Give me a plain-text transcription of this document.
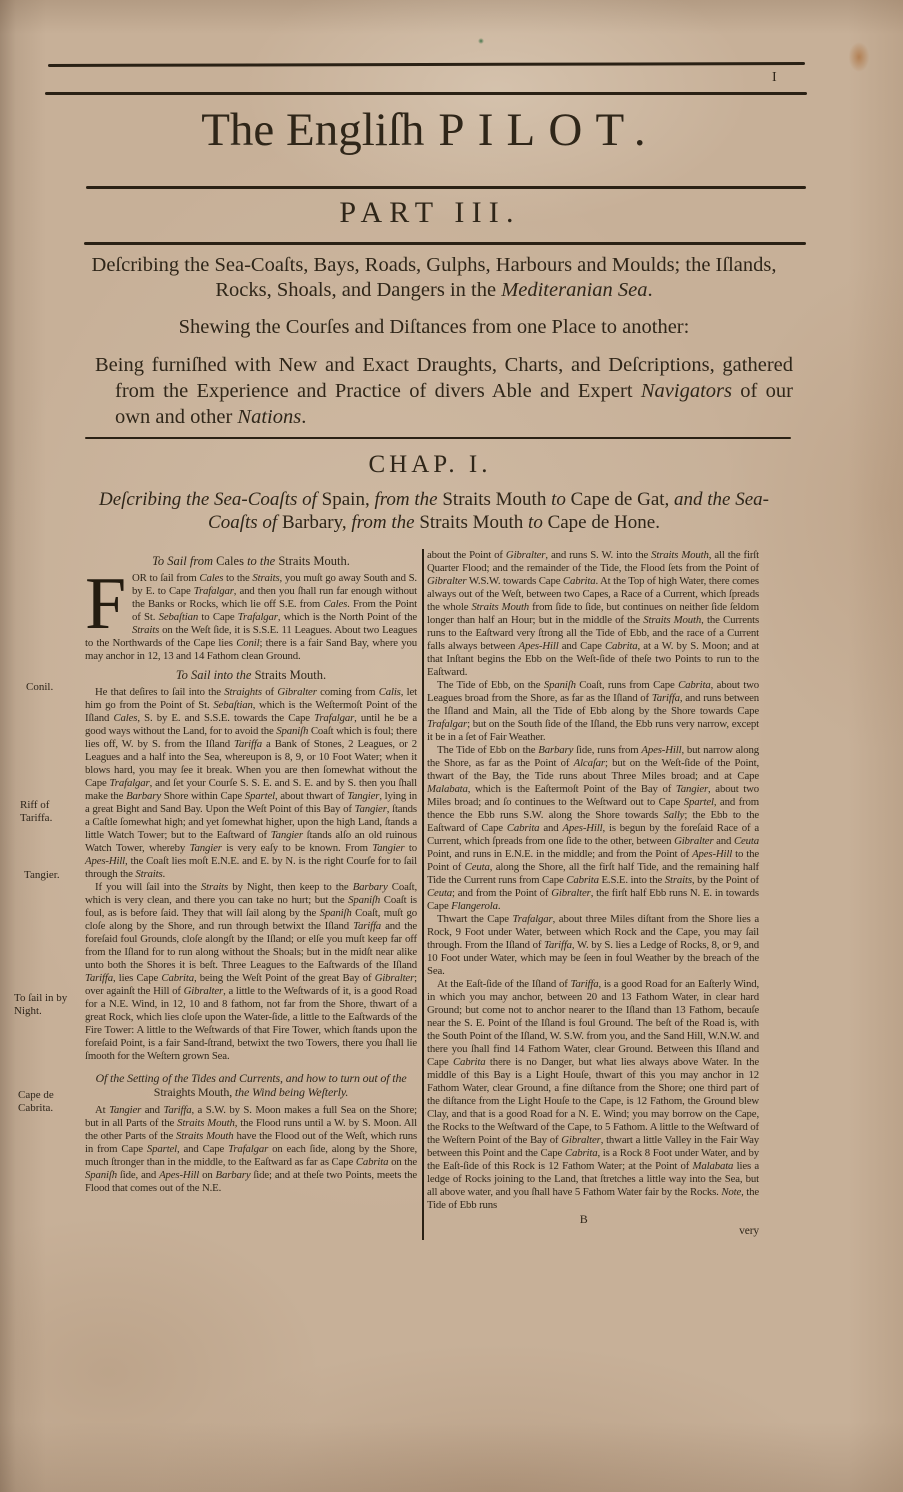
I
The Engliſh PILOT.
PART III.

Deſcribing the Sea-Coaſts, Bays, Roads, Gulphs, Harbours and Moulds; the Iſlands, Rocks, Shoals, and Dangers in the Mediteranian Sea.

Shewing the Courſes and Diſtances from one Place to another:

Being furniſhed with New and Exact Draughts, Charts, and Deſcriptions, gathered from the Experience and Practice of divers Able and Expert Navigators of our own and other Nations.

CHAP. I.

Deſcribing the Sea-Coaſts of Spain, from the Straits Mouth to Cape de Gat, and the Sea-Coaſts of Barbary, from the Straits Mouth to Cape de Hone.

Conil.
Riff of Tariffa.
Tangier.
To ſail in by Night.
Cape de Cabrita.
To Sail from Cales to the Straits Mouth.

FOR to ſail from Cales to the Straits, you muſt go away South and S. by E. to Cape Trafalgar, and then you ſhall run far enough without the Banks or Rocks, which lie off S.E. from Cales. From the Point of St. Sebaſtian to Cape Trafalgar, which is the North Point of the Straits on the Weſt ſide, it is S.S.E. 11 Leagues. About two Leagues to the Northwards of the Cape lies Conil; there is a fair Sand Bay, where you may anchor in 12, 13 and 14 Fathom clean Ground.

To Sail into the Straits Mouth.

He that deſires to ſail into the Straights of Gibralter coming from Calis, let him go from the Point of St. Sebaſtian, which is the Weſtermoſt Point of the Iſland Cales, S. by E. and S.S.E. towards the Cape Trafalgar, until he be a good ways without the Land, for to avoid the Spaniſh Coaſt which is foul; there lies off, W. by S. from the Iſland Tariffa a Bank of Stones, 2 Leagues, or 2 Leagues and a half into the Sea, whereupon is 8, 9, or 10 Foot Water; when it blows hard, you may ſee it break. When you are then ſomewhat without the Cape Trafalgar, and ſet your Courſe S. S. E. and S. E. and by S. then you ſhall make the Barbary Shore within Cape Spartel, about thwart of Tangier, lying in a great Bight and Sand Bay. Upon the Weſt Point of this Bay of Tangier, ſtands a Caſtle ſomewhat high; and yet ſomewhat higher, upon the high Land, ſtands a little Watch Tower; but to the Eaſtward of Tangier ſtands alſo an old ruinous Watch Tower, whereby Tangier is very eaſy to be known. From Tangier to Apes-Hill, the Coaſt lies moſt E.N.E. and E. by N. is the right Courſe for to ſail through the Straits.

If you will ſail into the Straits by Night, then keep to the Barbary Coaſt, which is very clean, and there you can take no hurt; but the Spaniſh Coaſt is foul, as is before ſaid. They that will ſail along by the Spaniſh Coaſt, muſt go cloſe along by the Shore, and run through betwixt the Iſland Tariffa and the foreſaid foul Grounds, cloſe alongſt by the Iſland; or elſe you muſt keep far off from the Iſland for to run along without the Shoals; but in the midſt near alike unto both the Shores it is beſt. Three Leagues to the Eaſtwards of the Iſland Tariffa, lies Cape Cabrita, being the Weſt Point of the great Bay of Gibralter; over againſt the Hill of Gibralter, a little to the Weſtwards of it, is a good Road for a N.E. Wind, in 12, 10 and 8 fathom, not far from the Shore, thwart of a great Rock, which lies cloſe upon the Water-ſide, a little to the Eaſtwards of the Fire Tower: A little to the Weſtwards of that Fire Tower, which ſtands upon the foreſaid Point, is a fair Sand-ſtrand, betwixt the two Towers, there you ſhall lie ſmooth for the Weſtern grown Sea.

Of the Setting of the Tides and Currents, and how to turn out of the Straights Mouth, the Wind being Weſterly.

At Tangier and Tariffa, a S.W. by S. Moon makes a full Sea on the Shore; but in all Parts of the Straits Mouth, the Flood runs until a W. by S. Moon. All the other Parts of the Straits Mouth have the Flood out of the Weſt, which runs in from Cape Spartel, and Cape Trafalgar on each ſide, along by the Shore, much ſtronger than in the middle, to the Eaſtward as far as Cape Cabrita on the Spaniſh ſide, and Apes-Hill on Barbary ſide; and at theſe two Points, meets the Flood that comes out of the N.E.

about the Point of Gibralter, and runs S. W. into the Straits Mouth, all the firſt Quarter Flood; and the remainder of the Tide, the Flood ſets from the Point of Gibralter W.S.W. towards Cape Cabrita. At the Top of high Water, there comes always out of the Weſt, between two Capes, a Race of a Current, which ſpreads the whole Straits Mouth from ſide to ſide, but continues on neither ſide ſeldom longer than half an Hour; but in the middle of the Straits Mouth, the Currents runs to the Eaſtward very ſtrong all the Tide of Ebb, and the race of a Current falls always between Apes-Hill and Cape Cabrita, at a W. by S. Moon; and at that Inſtant begins the Ebb on the Weſt-ſide of theſe two Points to run to the Eaſtward.

The Tide of Ebb, on the Spaniſh Coaſt, runs from Cape Cabrita, about two Leagues broad from the Shore, as far as the Iſland of Tariffa, and runs between the Iſland and Main, all the Tide of Ebb along by the Shore towards Cape Trafalgar; but on the South ſide of the Iſland, the Ebb runs very narrow, except it be in a ſet of Fair Weather.

The Tide of Ebb on the Barbary ſide, runs from Apes-Hill, but narrow along the Shore, as far as the Point of Alcaſar; but on the Weſt-ſide of the Point, thwart of the Bay, the Tide runs about Three Miles broad; and at Cape Malabata, which is the Eaſtermoſt Point of the Bay of Tangier, about two Miles broad; and ſo continues to the Weſtward out to Cape Spartel, and from thence the Ebb runs S.W. along the Shore towards Sally; the Ebb to the Eaſtward of Cape Cabrita and Apes-Hill, is begun by the foreſaid Race of a Current, which ſpreads from one ſide to the other, between Gibralter and Ceuta Point, and runs in E.N.E. in the middle; and from the Point of Apes-Hill to the Point of Ceuta, along the Shore, all the firſt half Tide, and the remaining half Tide the Current runs from Cape Cabrita E.S.E. into the Straits, by the Point of Ceuta; and from the Point of Gibralter, the firſt half Ebb runs N. E. in towards Cape Flangerola.

Thwart the Cape Trafalgar, about three Miles diſtant from the Shore lies a Rock, 9 Foot under Water, between which Rock and the Cape, you may ſail through. From the Iſland of Tariffa, W. by S. lies a Ledge of Rocks, 8, or 9, and 10 Foot under Water, which may be ſeen in foul Weather by the breach of the Sea.

At the Eaſt-ſide of the Iſland of Tariffa, is a good Road for an Eaſterly Wind, in which you may anchor, between 20 and 13 Fathom Water, in clear hard Ground; but come not to anchor nearer to the Iſland than 13 Fathom, becauſe near the S. E. Point of the Iſland is foul Ground. The beſt of the Road is, with the South Point of the Iſland, W. S.W. from you, and the Sand Hill, W.N.W. and there you ſhall find 14 Fathom Water, clear Ground. Between this Iſland and Cape Cabrita there is no Danger, but what lies always above Water. In the middle of this Bay is a Light Houſe, thwart of this you may anchor in 12 Fathom Water, clear Ground, a fine diſtance from the Shore; one third part of the diſtance from the Light Houſe to the Cape, is 12 Fathom, the Ground blew Clay, and that is a good Road for a N. E. Wind; you may borrow on the Cape, the Rocks to the Weſtward of the Cape, to 5 Fathom. A little to the Weſtward of the Weſtern Point of the Bay of Gibralter, thwart a little Valley in the Fair Way between this Point and the Cape Cabrita, is a Rock 8 Foot under Water, and by the Eaſt-ſide of this Rock is 12 Fathom Water; at the Point of Malabata lies a ledge of Rocks joining to the Land, that ſtretches a little way into the Sea, but all above water, and you ſhall have 5 Fathom Water fair by the Rocks. Note, the Tide of Ebb runs

B
very
